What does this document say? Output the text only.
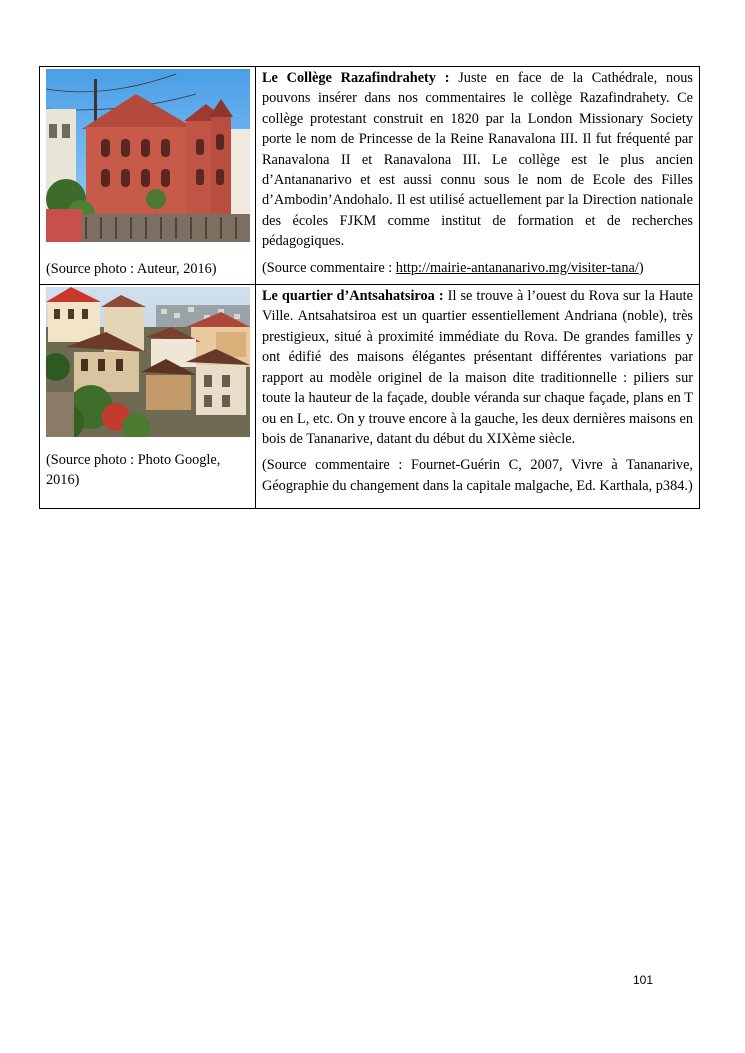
(Source photo : Auteur, 2016)	Le Collège Razafindrahety : Juste en face de la Cathédrale, nous pouvons insérer dans nos commentaires le collège Razafindrahety. Ce collège protestant construit en 1820 par la London Missionary Society porte le nom de Princesse de la Reine Ranavalona III. Il fut fréquenté par Ranavalona II et Ranavalona III. Le collège est le plus ancien d’Antananarivo et est aussi connu sous le nom de Ecole des Filles d’Ambodin’Andohalo. Il est utilisé actuellement par la Direction nationale des écoles FJKM comme institut de formation et de recherches pédagogiques.

(Source commentaire : http://mairie-antananarivo.mg/visiter-tana/)

(Source photo : Photo Google, 2016)	Le quartier d’Antsahatsiroa : Il se trouve à l’ouest du Rova sur la Haute Ville. Antsahatsiroa est un quartier essentiellement Andriana (noble), très prestigieux, situé à proximité immédiate du Rova. De grandes familles y ont édifié des maisons élégantes présentant différentes variations par rapport au modèle originel de la maison dite traditionnelle : piliers sur toute la hauteur de la façade, double véranda sur chaque façade, plans en T ou en L, etc. On y trouve encore à la gauche, les deux dernières maisons en bois de Tananarive, datant du début du XIXème siècle.

(Source commentaire : Fournet-Guérin C, 2007, Vivre à Tananarive, Géographie du changement dans la capitale malgache, Ed. Karthala, p384.)

101
